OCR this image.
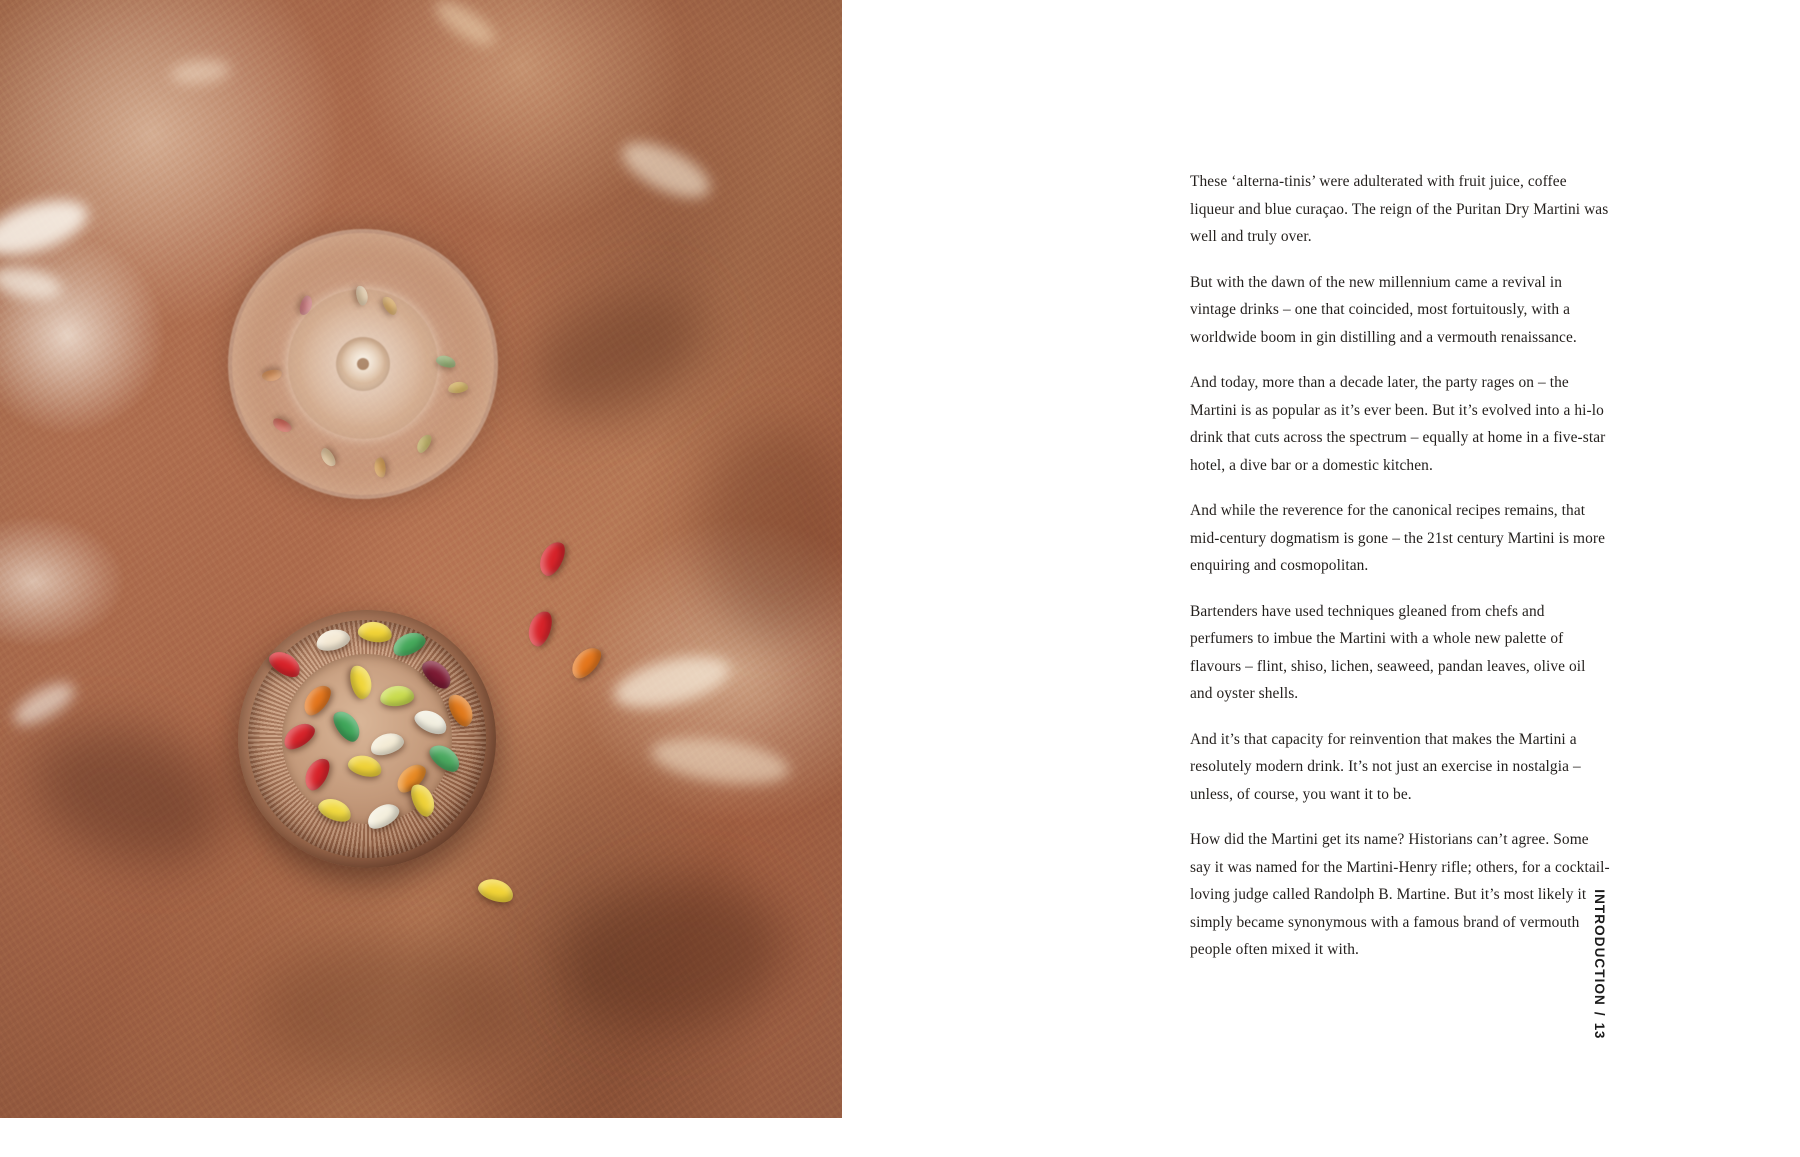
These ‘alterna-tinis’ were adulterated with fruit juice, coffee liqueur and blue curaçao. The reign of the Puritan Dry Martini was well and truly over.

But with the dawn of the new millennium came a revival in vintage drinks – one that coincided, most fortuitously, with a worldwide boom in gin distilling and a vermouth renaissance.

And today, more than a decade later, the party rages on – the Martini is as popular as it’s ever been. But it’s evolved into a hi-lo drink that cuts across the spectrum – equally at home in a five-star hotel, a dive bar or a domestic kitchen.

And while the reverence for the canonical recipes remains, that mid-century dogmatism is gone – the 21st century Martini is more enquiring and cosmopolitan.

Bartenders have used techniques gleaned from chefs and perfumers to imbue the Martini with a whole new palette of flavours – flint, shiso, lichen, seaweed, pandan leaves, olive oil and oyster shells.

And it’s that capacity for reinvention that makes the Martini a resolutely modern drink. It’s not just an exercise in nostalgia – unless, of course, you want it to be.

How did the Martini get its name? Historians can’t agree. Some say it was named for the Martini-Henry rifle; others, for a cocktail-loving judge called Randolph B. Martine. But it’s most likely it simply became synonymous with a famous brand of vermouth people often mixed it with.	INTRODUCTION
/
13
